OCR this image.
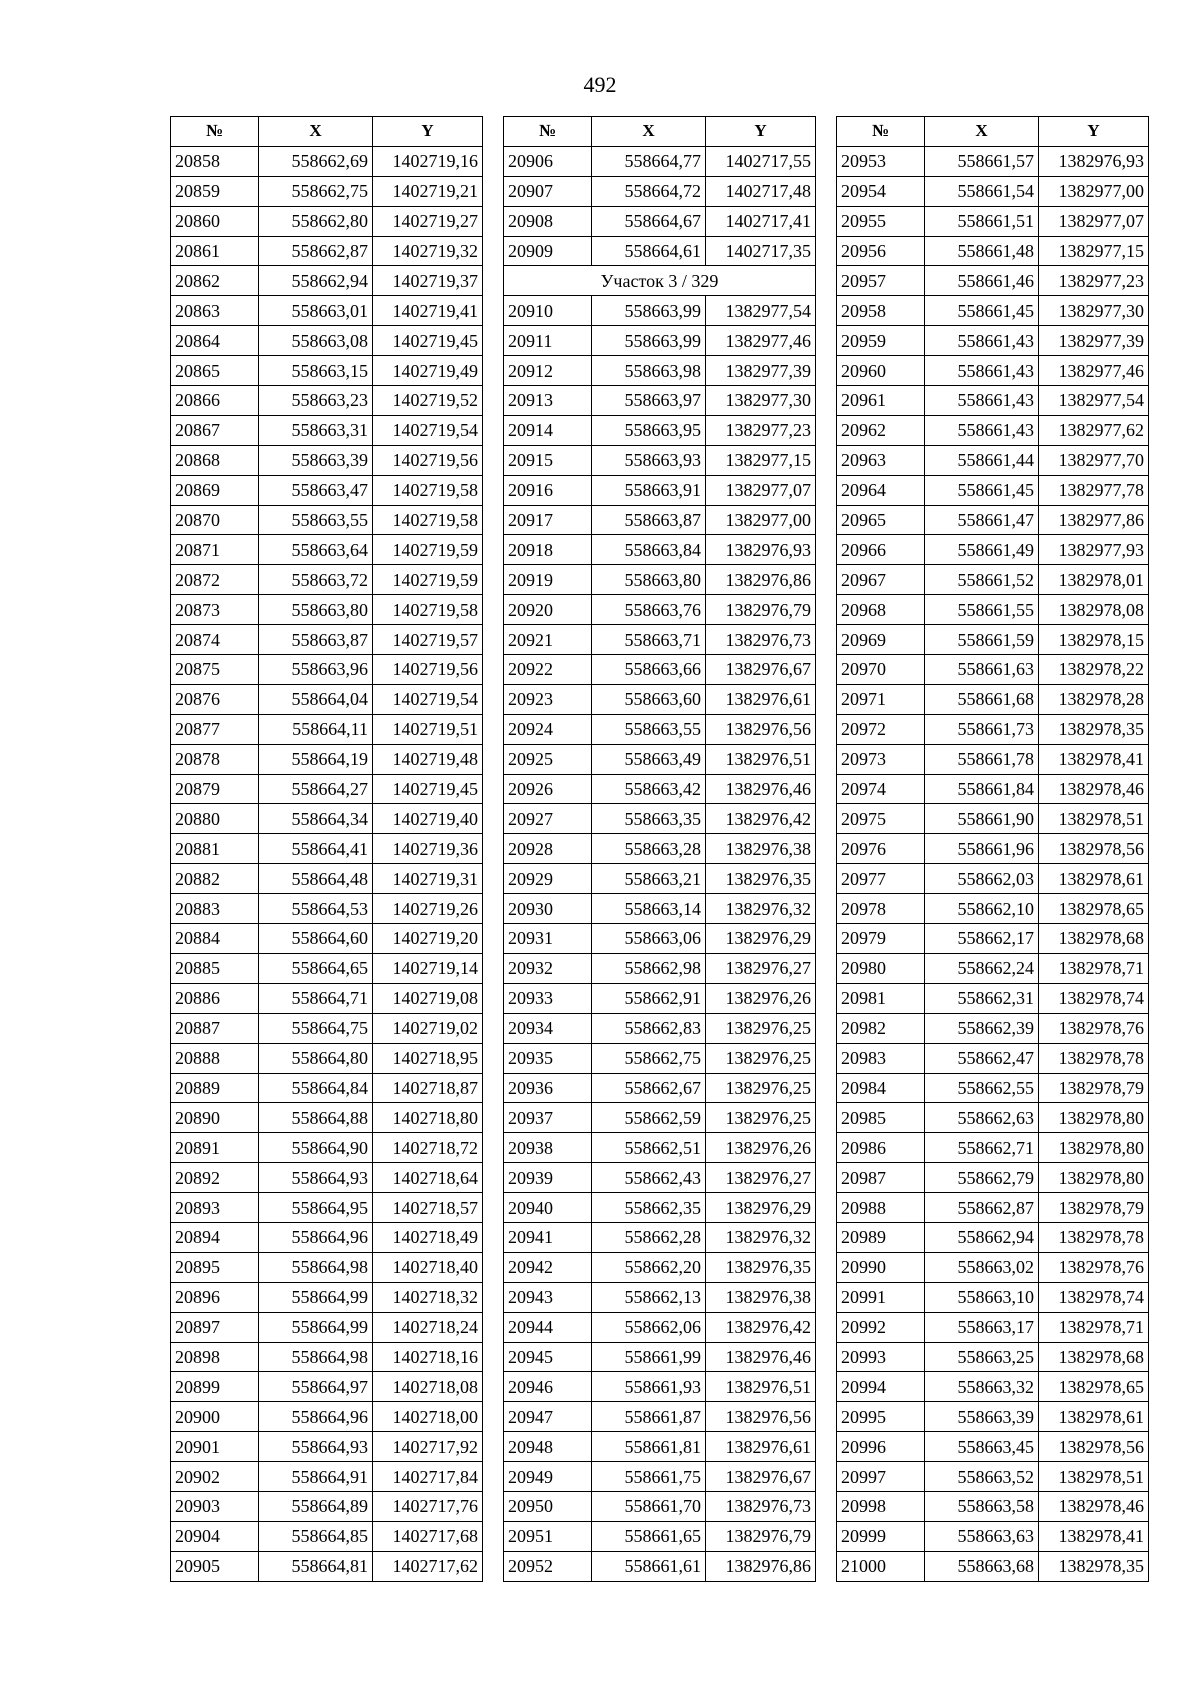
492
№	X	Y
20858	558662,69	1402719,16
20859	558662,75	1402719,21
20860	558662,80	1402719,27
20861	558662,87	1402719,32
20862	558662,94	1402719,37
20863	558663,01	1402719,41
20864	558663,08	1402719,45
20865	558663,15	1402719,49
20866	558663,23	1402719,52
20867	558663,31	1402719,54
20868	558663,39	1402719,56
20869	558663,47	1402719,58
20870	558663,55	1402719,58
20871	558663,64	1402719,59
20872	558663,72	1402719,59
20873	558663,80	1402719,58
20874	558663,87	1402719,57
20875	558663,96	1402719,56
20876	558664,04	1402719,54
20877	558664,11	1402719,51
20878	558664,19	1402719,48
20879	558664,27	1402719,45
20880	558664,34	1402719,40
20881	558664,41	1402719,36
20882	558664,48	1402719,31
20883	558664,53	1402719,26
20884	558664,60	1402719,20
20885	558664,65	1402719,14
20886	558664,71	1402719,08
20887	558664,75	1402719,02
20888	558664,80	1402718,95
20889	558664,84	1402718,87
20890	558664,88	1402718,80
20891	558664,90	1402718,72
20892	558664,93	1402718,64
20893	558664,95	1402718,57
20894	558664,96	1402718,49
20895	558664,98	1402718,40
20896	558664,99	1402718,32
20897	558664,99	1402718,24
20898	558664,98	1402718,16
20899	558664,97	1402718,08
20900	558664,96	1402718,00
20901	558664,93	1402717,92
20902	558664,91	1402717,84
20903	558664,89	1402717,76
20904	558664,85	1402717,68
20905	558664,81	1402717,62
№	X	Y
20906	558664,77	1402717,55
20907	558664,72	1402717,48
20908	558664,67	1402717,41
20909	558664,61	1402717,35
Участок 3 / 329		
20910	558663,99	1382977,54
20911	558663,99	1382977,46
20912	558663,98	1382977,39
20913	558663,97	1382977,30
20914	558663,95	1382977,23
20915	558663,93	1382977,15
20916	558663,91	1382977,07
20917	558663,87	1382977,00
20918	558663,84	1382976,93
20919	558663,80	1382976,86
20920	558663,76	1382976,79
20921	558663,71	1382976,73
20922	558663,66	1382976,67
20923	558663,60	1382976,61
20924	558663,55	1382976,56
20925	558663,49	1382976,51
20926	558663,42	1382976,46
20927	558663,35	1382976,42
20928	558663,28	1382976,38
20929	558663,21	1382976,35
20930	558663,14	1382976,32
20931	558663,06	1382976,29
20932	558662,98	1382976,27
20933	558662,91	1382976,26
20934	558662,83	1382976,25
20935	558662,75	1382976,25
20936	558662,67	1382976,25
20937	558662,59	1382976,25
20938	558662,51	1382976,26
20939	558662,43	1382976,27
20940	558662,35	1382976,29
20941	558662,28	1382976,32
20942	558662,20	1382976,35
20943	558662,13	1382976,38
20944	558662,06	1382976,42
20945	558661,99	1382976,46
20946	558661,93	1382976,51
20947	558661,87	1382976,56
20948	558661,81	1382976,61
20949	558661,75	1382976,67
20950	558661,70	1382976,73
20951	558661,65	1382976,79
20952	558661,61	1382976,86
№	X	Y
20953	558661,57	1382976,93
20954	558661,54	1382977,00
20955	558661,51	1382977,07
20956	558661,48	1382977,15
20957	558661,46	1382977,23
20958	558661,45	1382977,30
20959	558661,43	1382977,39
20960	558661,43	1382977,46
20961	558661,43	1382977,54
20962	558661,43	1382977,62
20963	558661,44	1382977,70
20964	558661,45	1382977,78
20965	558661,47	1382977,86
20966	558661,49	1382977,93
20967	558661,52	1382978,01
20968	558661,55	1382978,08
20969	558661,59	1382978,15
20970	558661,63	1382978,22
20971	558661,68	1382978,28
20972	558661,73	1382978,35
20973	558661,78	1382978,41
20974	558661,84	1382978,46
20975	558661,90	1382978,51
20976	558661,96	1382978,56
20977	558662,03	1382978,61
20978	558662,10	1382978,65
20979	558662,17	1382978,68
20980	558662,24	1382978,71
20981	558662,31	1382978,74
20982	558662,39	1382978,76
20983	558662,47	1382978,78
20984	558662,55	1382978,79
20985	558662,63	1382978,80
20986	558662,71	1382978,80
20987	558662,79	1382978,80
20988	558662,87	1382978,79
20989	558662,94	1382978,78
20990	558663,02	1382978,76
20991	558663,10	1382978,74
20992	558663,17	1382978,71
20993	558663,25	1382978,68
20994	558663,32	1382978,65
20995	558663,39	1382978,61
20996	558663,45	1382978,56
20997	558663,52	1382978,51
20998	558663,58	1382978,46
20999	558663,63	1382978,41
21000	558663,68	1382978,35
